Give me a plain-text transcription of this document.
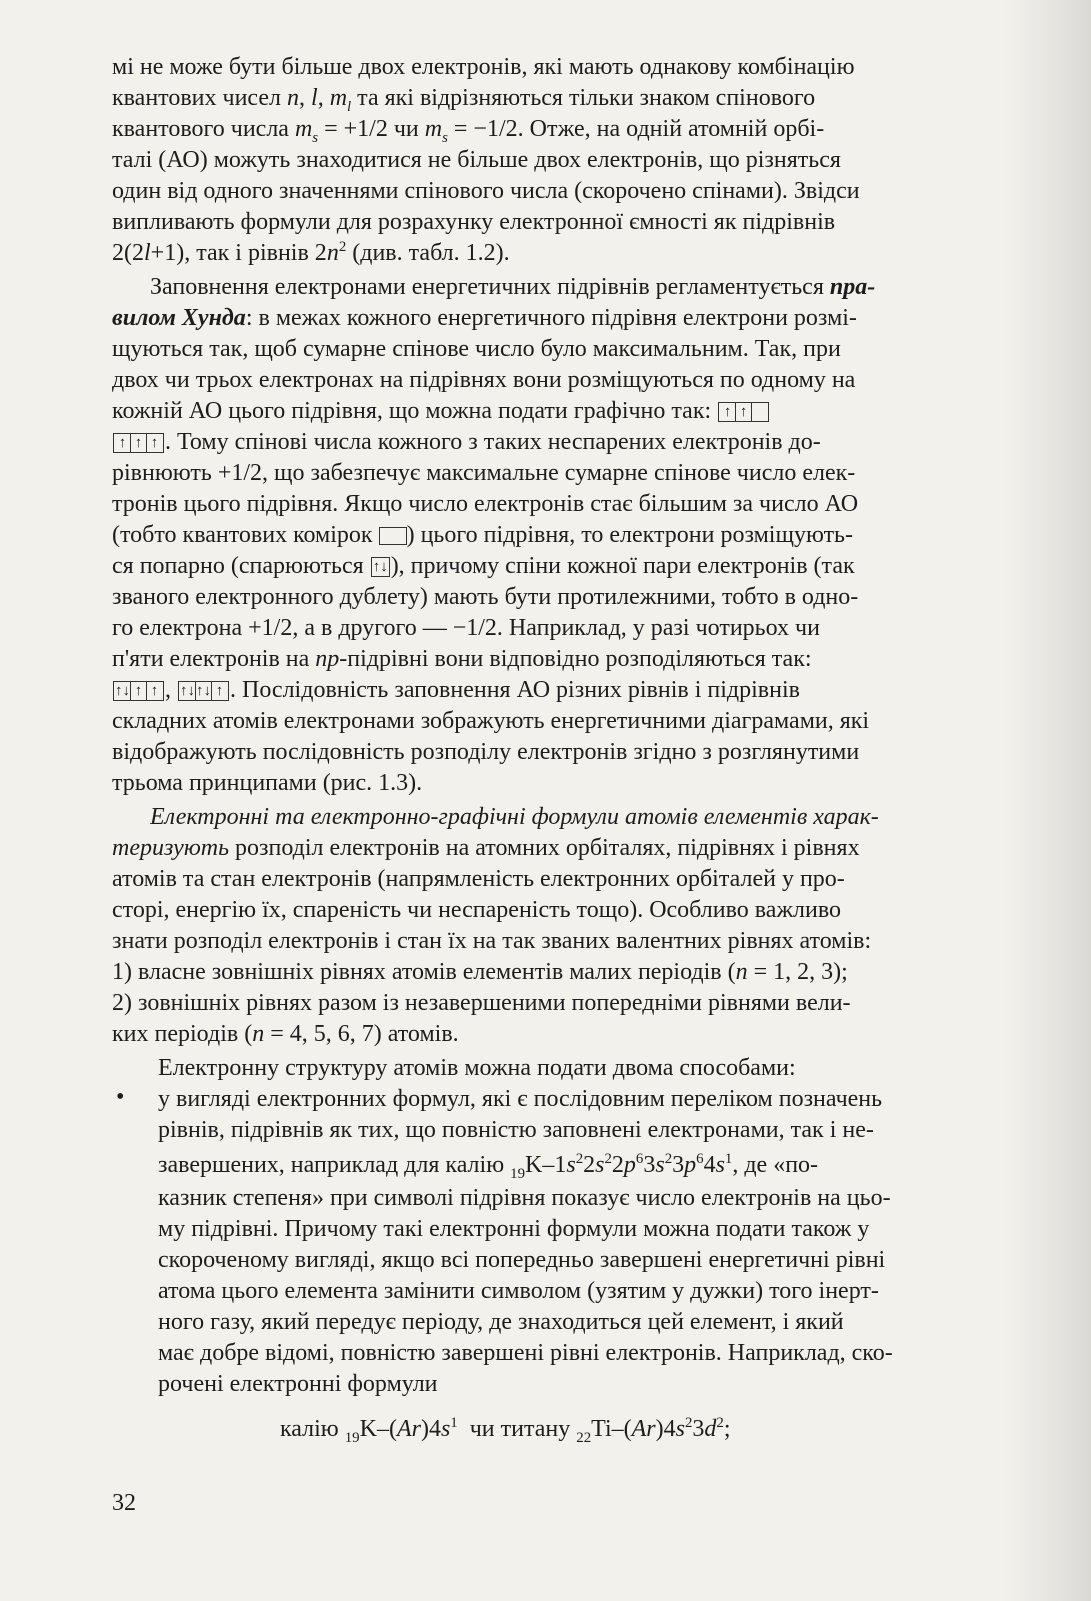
мі не може бути більше двох електронів, які мають однакову комбінацію
квантових чисел n, l, $m_l$ та які відрізняються тільки знаком спінового
квантового числа $m_s = +1/2$ чи $m_s = -1/2$. Отже, на одній атомній орбі-
талі (АО) можуть знаходитися не більше двох електронів, що різняться
один від одного значеннями спінового числа (скорочено спінами). Звідси
випливають формули для розрахунку електронної ємності як підрівнів
2(2l+1), так і рівнів $2n^2$ (див. табл. 1.2).
Заповнення електронами енергетичних підрівнів регламентується пра-
вилом Хунда: в межах кожного енергетичного підрівня електрони розмі-
щуються так, щоб сумарне спінове число було максимальним. Так, при
двох чи трьох електронах на підрівнях вони розміщуються по одному на
кожній АО цього підрівня, що можна подати графічно так: ↑ ↑
↑ ↑ ↑ . Тому спінові числа кожного з таких неспарених електронів до-
рівнюють +1/2, що забезпечує максимальне сумарне спінове число елек-
тронів цього підрівня. Якщо число електронів стає більшим за число АО
(тобто квантових комірок ) цього підрівня, то електрони розміщують-
ся попарно (спарюються ↑↓ ), причому спіни кожної пари електронів (так
званого електронного дублету) мають бути протилежними, тобто в одно-
го електрона +1/2, а в другого — −1/2. Наприклад, у разі чотирьох чи
п'яти електронів на np-підрівні вони відповідно розподіляються так:
↑↓ ↑ ↑ , ↑↓↑↓ ↑ . Послідовність заповнення АО різних рівнів і підрівнів
складних атомів електронами зображують енергетичними діаграмами, які
відображують послідовність розподілу електронів згідно з розглянутими
трьома принципами (рис. 1.3).
Електронні та електронно-графічні формули атомів елементів харак-
теризують розподіл електронів на атомних орбіталях, підрівнях і рівнях
атомів та стан електронів (напрямленість електронних орбіталей у про-
сторі, енергію їх, спареність чи неспареність тощо). Особливо важливо
знати розподіл електронів і стан їх на так званих валентних рівнях атомів:
1) власне зовнішніх рівнях атомів елементів малих періодів (n = 1, 2, 3);
2) зовнішніх рівнях разом із незавершеними попередніми рівнями вели-
ких періодів (n = 4, 5, 6, 7) атомів.
Електронну структуру атомів можна подати двома способами:
• у вигляді електронних формул, які є послідовним переліком позначень
рівнів, підрівнів як тих, що повністю заповнені електронами, так і не-
завершених, наприклад для калію $_{19}K-1s^22s^22p^63s^23p^64s^1$, де «по-
казник степеня» при символі підрівня показує число електронів на цьо-
му підрівні. Причому такі електронні формули можна подати також у
скороченому вигляді, якщо всі попередньо завершені енергетичні рівні
атома цього елемента замінити символом (узятим у дужки) того інерт-
ного газу, який передує періоду, де знаходиться цей елемент, і який
має добре відомі, повністю завершені рівні електронів. Наприклад, ско-
рочені електронні формули
калію $_{19}K-(Ar)4s^1$ чи титану $_{22}Ti-(Ar)4s^23d^2$;
32
